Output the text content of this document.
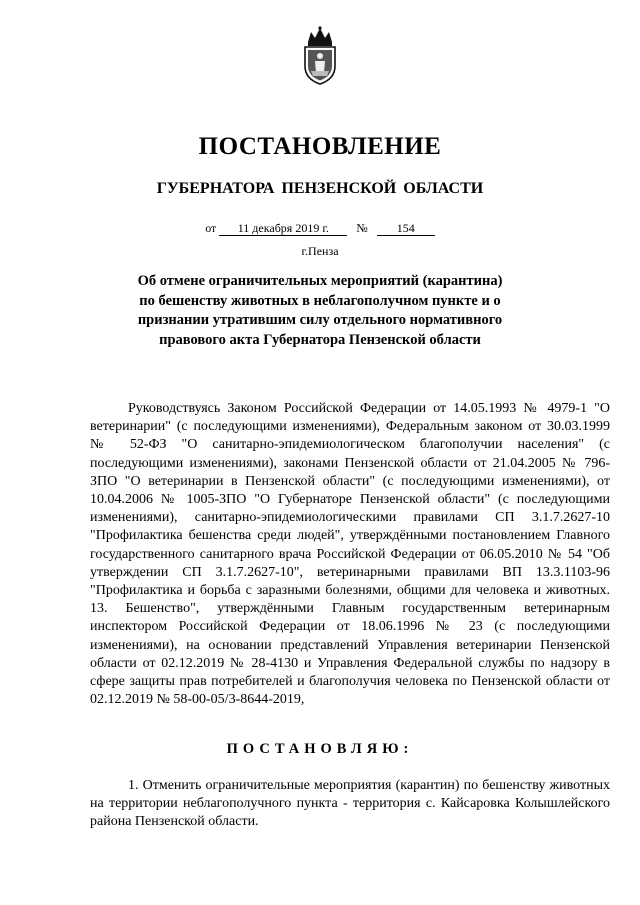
ПОСТАНОВЛЕНИЕ
ГУБЕРНАТОРА ПЕНЗЕНСКОЙ ОБЛАСТИ
от 11 декабря 2019 г. № 154
г.Пенза
Об отмене ограничительных мероприятий (карантина) по бешенству животных в неблагополучном пункте и о признании утратившим силу отдельного нормативного правового акта Губернатора Пензенской области

Руководствуясь Законом Российской Федерации от 14.05.1993 № 4979-1 "О ветеринарии" (с последующими изменениями), Федеральным законом от 30.03.1999 № 52-ФЗ "О санитарно-эпидемиологическом благополучии населения" (с последующими изменениями), законами Пензенской области от 21.04.2005 № 796-ЗПО "О ветеринарии в Пензенской области" (с последующими изменениями), от 10.04.2006 № 1005-ЗПО "О Губернаторе Пензенской области" (с последующими изменениями), санитарно-эпидемиологическими правилами СП 3.1.7.2627-10 "Профилактика бешенства среди людей", утверждёнными постановлением Главного государственного санитарного врача Российской Федерации от 06.05.2010 № 54 "Об утверждении СП 3.1.7.2627-10", ветеринарными правилами ВП 13.3.1103-96 "Профилактика и борьба с заразными болезнями, общими для человека и животных. 13. Бешенство", утверждёнными Главным государственным ветеринарным инспектором Российской Федерации от 18.06.1996 № 23 (с последующими изменениями), на основании представлений Управления ветеринарии Пензенской области от 02.12.2019 № 28-4130 и Управления Федеральной службы по надзору в сфере защиты прав потребителей и благополучия человека по Пензенской области от 02.12.2019 № 58-00-05/3-8644-2019,

ПОСТАНОВЛЯЮ:

1. Отменить ограничительные мероприятия (карантин) по бешенству животных на территории неблагополучного пункта - территория с. Кайсаровка Колышлейского района Пензенской области.
